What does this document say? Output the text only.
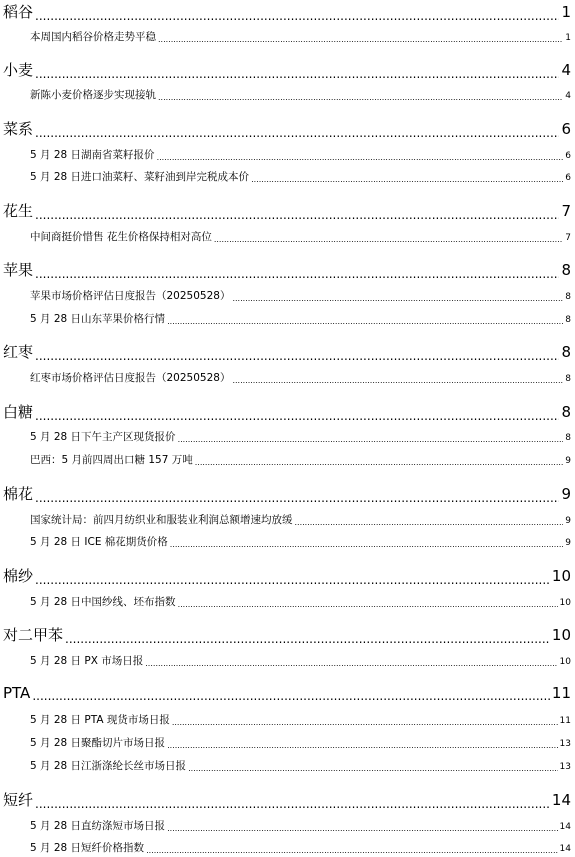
稻谷 .....	1
本周国内稻谷价格走势平稳 .....	1
小麦 .....	4
新陈小麦价格逐步实现接轨 .....	4
菜系 .....	6
5 月 28 日湖南省菜籽报价 .....	6
5 月 28 日进口油菜籽、菜籽油到岸完税成本价 .....	6
花生 .....	7
中间商挺价惜售 花生价格保持相对高位 .....	7
苹果 .....	8
苹果市场价格评估日度报告（20250528） .....	8
5 月 28 日山东苹果价格行情 .....	8
红枣 .....	8
红枣市场价格评估日度报告（20250528） .....	8
白糖 .....	8
5 月 28 日下午主产区现货报价 .....	8
巴西：5 月前四周出口糖 157 万吨 .....	9
棉花 .....	9
国家统计局：前四月纺织业和服装业利润总额增速均放缓 .....	9
5 月 28 日 ICE 棉花期货价格 .....	9
棉纱 .....	10
5 月 28 日中国纱线、坯布指数 .....	10
对二甲苯 .....	10
5 月 28 日 PX 市场日报 .....	10
PTA .....	11
5 月 28 日 PTA 现货市场日报 .....	11
5 月 28 日聚酯切片市场日报 .....	13
5 月 28 日江浙涤纶长丝市场日报 .....	13
短纤 .....	14
5 月 28 日直纺涤短市场日报 .....	14
5 月 28 日短纤价格指数 .....	14
